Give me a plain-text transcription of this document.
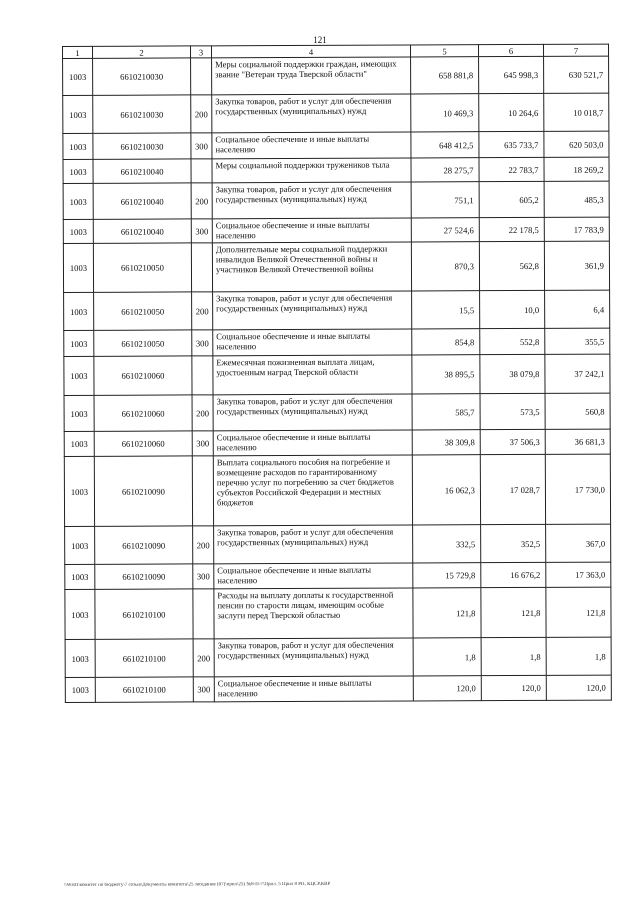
121
1	2	3	4	5	6	7
1003	6610210030		Меры социальной поддержки граждан, имеющих звание "Ветеран труда Тверской области"	658 881,8	645 998,3	630 521,7
1003	6610210030	200	Закупка товаров, работ и услуг для обеспечения государственных (муниципальных) нужд	10 469,3	10 264,6	10 018,7
1003	6610210030	300	Социальное обеспечение и иные выплаты населению	648 412,5	635 733,7	620 503,0
1003	6610210040		Меры социальной поддержки тружеников тыла	28 275,7	22 783,7	18 269,2
1003	6610210040	200	Закупка товаров, работ и услуг для обеспечения государственных (муниципальных) нужд	751,1	605,2	485,3
1003	6610210040	300	Социальное обеспечение и иные выплаты населению	27 524,6	22 178,5	17 783,9
1003	6610210050		Дополнительные меры социальной поддержки инвалидов Великой Отечественной войны и участников Великой Отечественной войны	870,3	562,8	361,9
1003	6610210050	200	Закупка товаров, работ и услуг для обеспечения государственных (муниципальных) нужд	15,5	10,0	6,4
1003	6610210050	300	Социальное обеспечение и иные выплаты населению	854,8	552,8	355,5
1003	6610210060		Ежемесячная пожизненная выплата лицам, удостоенным наград Тверской области	38 895,5	38 079,8	37 242,1
1003	6610210060	200	Закупка товаров, работ и услуг для обеспечения государственных (муниципальных) нужд	585,7	573,5	560,8
1003	6610210060	300	Социальное обеспечение и иные выплаты населению	38 309,8	37 506,3	36 681,3
1003	6610210090		Выплата социального пособия на погребение и возмещение расходов по гарантированному перечню услуг по погребению за счет бюджетов субъектов Российской Федерации и местных бюджетов	16 062,3	17 028,7	17 730,0
1003	6610210090	200	Закупка товаров, работ и услуг для обеспечения государственных (муниципальных) нужд	332,5	352,5	367,0
1003	6610210090	300	Социальное обеспечение и иные выплаты населению	15 729,8	16 676,2	17 363,0
1003	6610210100		Расходы на выплату доплаты к государственной пенсии по старости лицам, имеющим особые заслуги перед Тверской областью	121,8	121,8	121,8
1003	6610210100	200	Закупка товаров, работ и услуг для обеспечения государственных (муниципальных) нужд	1,8	1,8	1,8
1003	6610210100	300	Социальное обеспечение и иные выплаты населению	120,0	120,0	120,0
\\Ws01\комитет по бюджету\7 созыв\Документы комитета\25 заседание (07)\прил\25) №8-П-7\Прил. 5 Прил 8 РП, КЦСР,КВР
